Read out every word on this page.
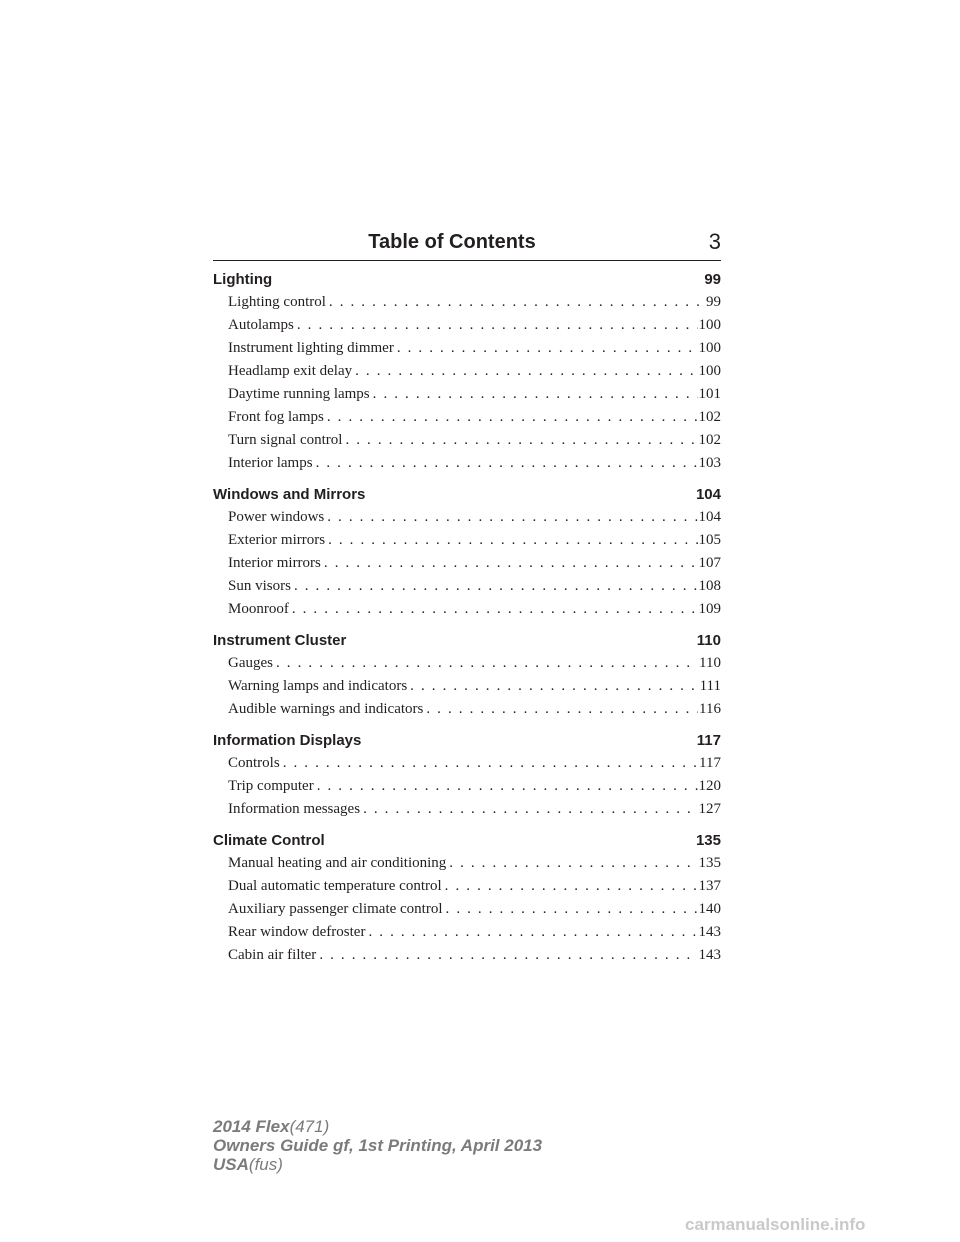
Table of Contents	3
Lighting	99
Lighting control . . .	99
Autolamps . . .	100
Instrument lighting dimmer . . .	100
Headlamp exit delay . . .	100
Daytime running lamps . . .	101
Front fog lamps . . .	102
Turn signal control . . .	102
Interior lamps . . .	103
Windows and Mirrors	104
Power windows . . .	104
Exterior mirrors . . .	105
Interior mirrors . . .	107
Sun visors . . .	108
Moonroof . . .	109
Instrument Cluster	110
Gauges . . .	110
Warning lamps and indicators . . .	111
Audible warnings and indicators . . .	116
Information Displays	117
Controls . . .	117
Trip computer . . .	120
Information messages . . .	127
Climate Control	135
Manual heating and air conditioning . . .	135
Dual automatic temperature control . . .	137
Auxiliary passenger climate control . . .	140
Rear window defroster . . .	143
Cabin air filter . . .	143
2014 Flex(471)
Owners Guide gf, 1st Printing, April 2013
USA(fus)
carmanualsonline.info
